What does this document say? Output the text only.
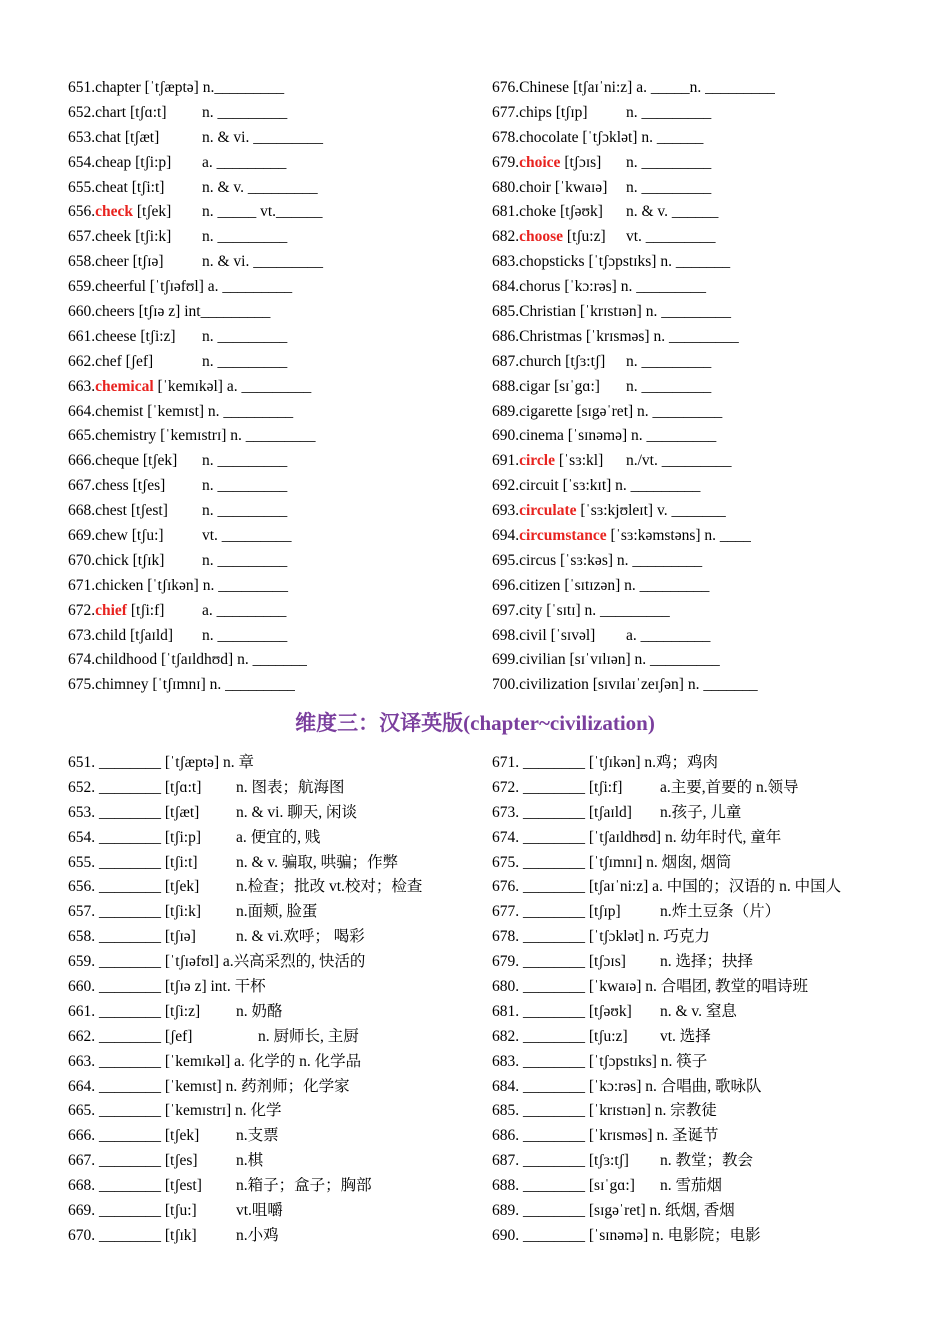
651.chapter [ˈtʃæptə] n._________
652.chart [tʃɑ:t] n. _________
653.chat [tʃæt]	n. & vi. _________
654.cheap [tʃi:p] a. _________
655.cheat [tʃi:t] n. & v. _________
656.check [tʃek] n. _____ vt.______
657.cheek [tʃi:k] n. _________
658.cheer [tʃɪə] n. & vi. _________
659.cheerful [ˈtʃɪəfʊl] a. _________
660.cheers [tʃɪə z] int_________
661.cheese [tʃi:z] n. _________
662.chef [ʃef]	n. _________
663.chemical [ˈkemɪkəl] a. _________
664.chemist [ˈkemɪst] n. _________
665.chemistry [ˈkemɪstrɪ] n. _________
666.cheque [tʃek] n. _________
667.chess [tʃes] n. _________
668.chest [tʃest] n. _________
669.chew [tʃu:] vt. _________
670.chick [tʃɪk] n. _________
671.chicken [ˈtʃɪkən] n. _________
672.chief [tʃi:f] a. _________
673.child [tʃaɪld] n. _________
674.childhood [ˈtʃaɪldhʊd] n. _______
675.chimney [ˈtʃɪmnɪ] n. _________
676.Chinese [tʃaɪˈni:z] a. _____n. _________
677.chips [tʃɪp] n. _________
678.chocolate [ˈtʃɔklət] n. ______
679.choice [tʃɔɪs] n. _________
680.choir [ˈkwaɪə] n. _________
681.choke [tʃəʊk] n. & v. ______
682.choose [tʃu:z] vt. _________
683.chopsticks [ˈtʃɔpstɪks] n. _______
684.chorus [ˈkɔ:rəs] n. _________
685.Christian [ˈkrɪstɪən] n. _________
686.Christmas [ˈkrɪsməs] n. _________
687.church [tʃɜ:tʃ] n. _________
688.cigar [sɪˈgɑ:] n. _________
689.cigarette [sɪgəˈret] n. _________
690.cinema [ˈsɪnəmə] n. _________
691.circle [ˈsɜ:kl] n./vt. _________
692.circuit [ˈsɜ:kɪt] n. _________
693.circulate [ˈsɜ:kjʊleɪt] v. _______
694.circumstance [ˈsɜ:kəmstəns] n. ____
695.circus [ˈsɜ:kəs] n. _________
696.citizen [ˈsɪtɪzən] n. _________
697.city [ˈsɪtɪ] n. _________
698.civil [ˈsɪvəl] a. _________
699.civilian [sɪˈvɪlɪən] n. _________
700.civilization [sɪvɪlaɪˈzeɪʃən] n. _______
维度三：汉译英版(chapter~civilization)
651. ________ [ˈtʃæptə] n. 章
652. ________ [tʃɑ:t] n. 图表；航海图
653. ________ [tʃæt] n. & vi. 聊天, 闲谈
654. ________ [tʃi:p] a. 便宜的, 贱
655. ________ [tʃi:t] n. & v. 骗取, 哄骗；作弊
656. ________ [tʃek] n.检查；批改 vt.校对；检查
657. ________ [tʃi:k] n.面颊, 脸蛋
658. ________ [tʃɪə]	n. & vi.欢呼； 喝彩
659. ________ [ˈtʃɪəfʊl] a.兴高采烈的, 快活的
660. ________ [tʃɪə z] int. 干杯
661. ________ [tʃi:z] n. 奶酪
662. ________ [ʃef]	n. 厨师长, 主厨
663. ________ [ˈkemɪkəl] a. 化学的 n. 化学品
664. ________ [ˈkemɪst] n. 药剂师；化学家
665. ________ [ˈkemɪstrɪ] n. 化学
666. ________ [tʃek] n.支票
667. ________ [tʃes] n.棋
668. ________ [tʃest] n.箱子；盒子；胸部
669. ________ [tʃu:]	vt.咀嚼
670. ________ [tʃɪk]	n.小鸡
671. ________ [ˈtʃɪkən] n.鸡；鸡肉
672. ________ [tʃi:f] a.主要,首要的 n.领导
673. ________ [tʃaɪld] n.孩子, 儿童
674. ________ [ˈtʃaɪldhʊd] n. 幼年时代, 童年
675. ________ [ˈtʃɪmnɪ] n. 烟囱, 烟筒
676. ________ [tʃaɪˈni:z] a. 中国的；汉语的 n. 中国人
677. ________ [tʃɪp]	n.炸土豆条（片）
678. ________ [ˈtʃɔklət] n. 巧克力
679. ________ [tʃɔɪs] n. 选择；抉择
680. ________ [ˈkwaɪə] n. 合唱团, 教堂的唱诗班
681. ________ [tʃəʊk] n. & v. 窒息
682. ________ [tʃu:z] vt. 选择
683. ________ [ˈtʃɔpstɪks] n. 筷子
684. ________ [ˈkɔ:rəs] n. 合唱曲, 歌咏队
685. ________ [ˈkrɪstɪən] n. 宗教徒
686. ________ [ˈkrɪsməs] n. 圣诞节
687. ________ [tʃɜ:tʃ] n. 教堂；教会
688. ________ [sɪˈgɑ:] n. 雪茄烟
689. ________ [sɪgəˈret] n. 纸烟, 香烟
690. ________ [ˈsɪnəmə] n. 电影院；电影
